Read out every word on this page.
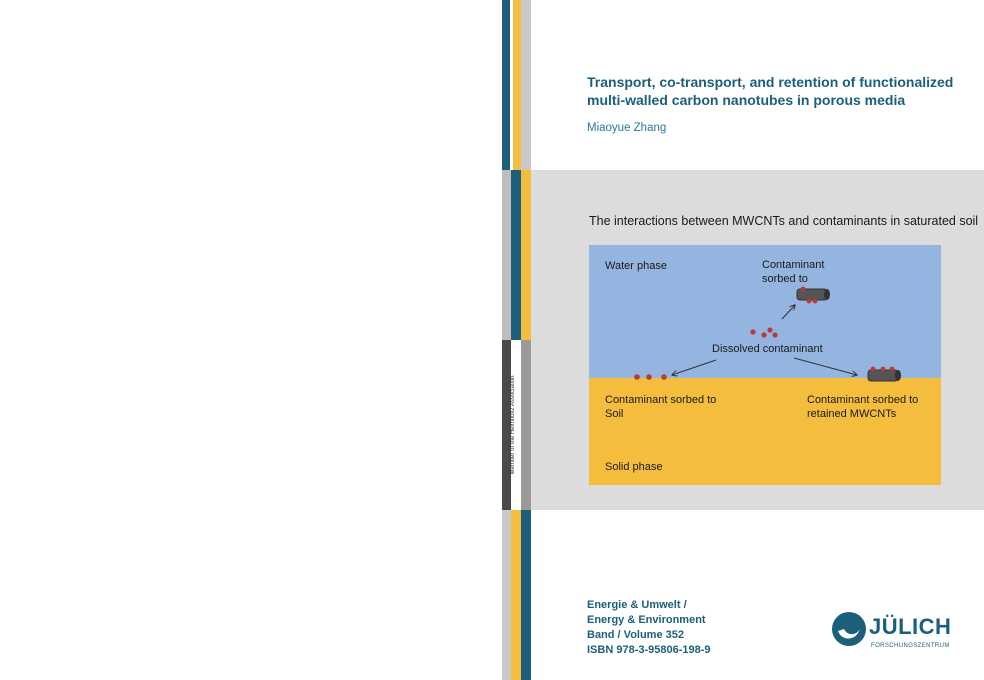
Member of the Helmholtz Association
Transport, co-transport, and retention of functionalized
multi-walled carbon nanotubes in porous media
Miaoyue Zhang
The interactions between MWCNTs and contaminants in saturated soil
Water phase	Contaminant
sorbed to
Dissolved contaminant
Contaminant sorbed to
Soil
Contaminant sorbed to
retained MWCNTs
Solid phase
Energie & Umwelt /
Energy & Environment
Band / Volume 352
ISBN 978-3-95806-198-9
JÜLICH
FORSCHUNGSZENTRUM
